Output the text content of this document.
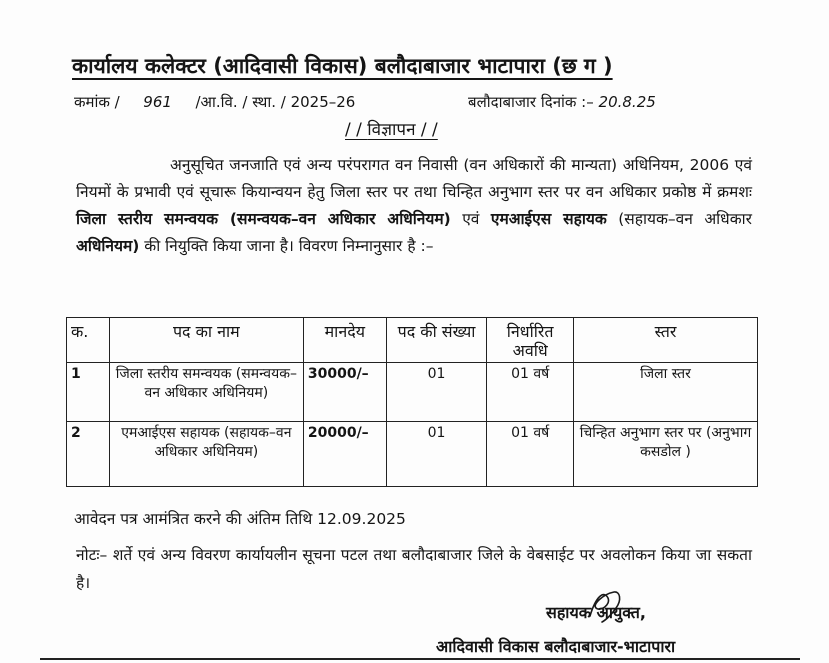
कार्यालय कलेक्टर (आदिवासी विकास) बलौदाबाजार भाटापारा (छ ग )
कमांक / 961 /आ.वि. / स्था. / 2025–26	बलौदाबाजार दिनांक :– 20.8.25
/ / विज्ञापन / /

अनुसूचित जनजाति एवं अन्य परंपरागत वन निवासी (वन अधिकारों की मान्यता) अधिनियम, 2006 एवं नियमों के प्रभावी एवं सूचारू कियान्वयन हेतु जिला स्तर पर तथा चिन्हित अनुभाग स्तर पर वन अधिकार प्रकोष्ठ में क्रमशः जिला स्तरीय समन्वयक (समन्वयक–वन अधिकार अधिनियम) एवं एमआईएस सहायक (सहायक–वन अधिकार अधिनियम) की नियुक्ति किया जाना है। विवरण निम्नानुसार है :–

क.	पद का नाम	मानदेय	पद की संख्या	निर्धारित अवधि	स्तर
1	जिला स्तरीय समन्वयक (समन्वयक–वन अधिकार अधिनियम)	30000/–	01	01 वर्ष	जिला स्तर
2	एमआईएस सहायक (सहायक–वन अधिकार अधिनियम)	20000/–	01	01 वर्ष	चिन्हित अनुभाग स्तर पर (अनुभाग कसडोल )
आवेदन पत्र आमंत्रित करने की अंतिम तिथि 12.09.2025

नोटः– शर्ते एवं अन्य विवरण कार्यायलीन सूचना पटल तथा बलौदाबाजार जिले के वेबसाईट पर अवलोकन किया जा सकता है।

सहायक आयुक्त,
आदिवासी विकास बलौदाबाजार-भाटापारा
